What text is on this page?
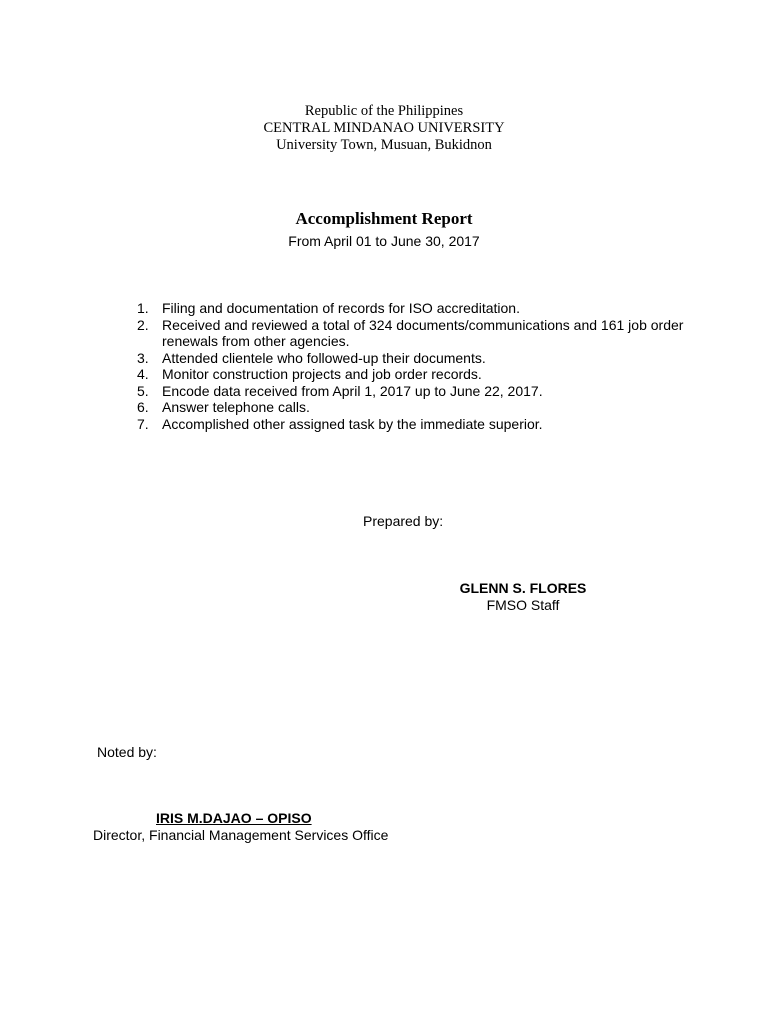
Republic of the Philippines
CENTRAL MINDANAO UNIVERSITY
University Town, Musuan, Bukidnon
Accomplishment Report
From April 01 to June 30, 2017
1. Filing and documentation of records for ISO accreditation.
2. Received and reviewed a total of 324 documents/communications and 161 job order renewals from other agencies.
3. Attended clientele who followed-up their documents.
4. Monitor construction projects and job order records.
5. Encode data received from April 1, 2017 up to June 22, 2017.
6. Answer telephone calls.
7. Accomplished other assigned task by the immediate superior.
Prepared by:
GLENN S. FLORES
FMSO Staff
Noted by:
IRIS M.DAJAO – OPISO
Director, Financial Management Services Office
